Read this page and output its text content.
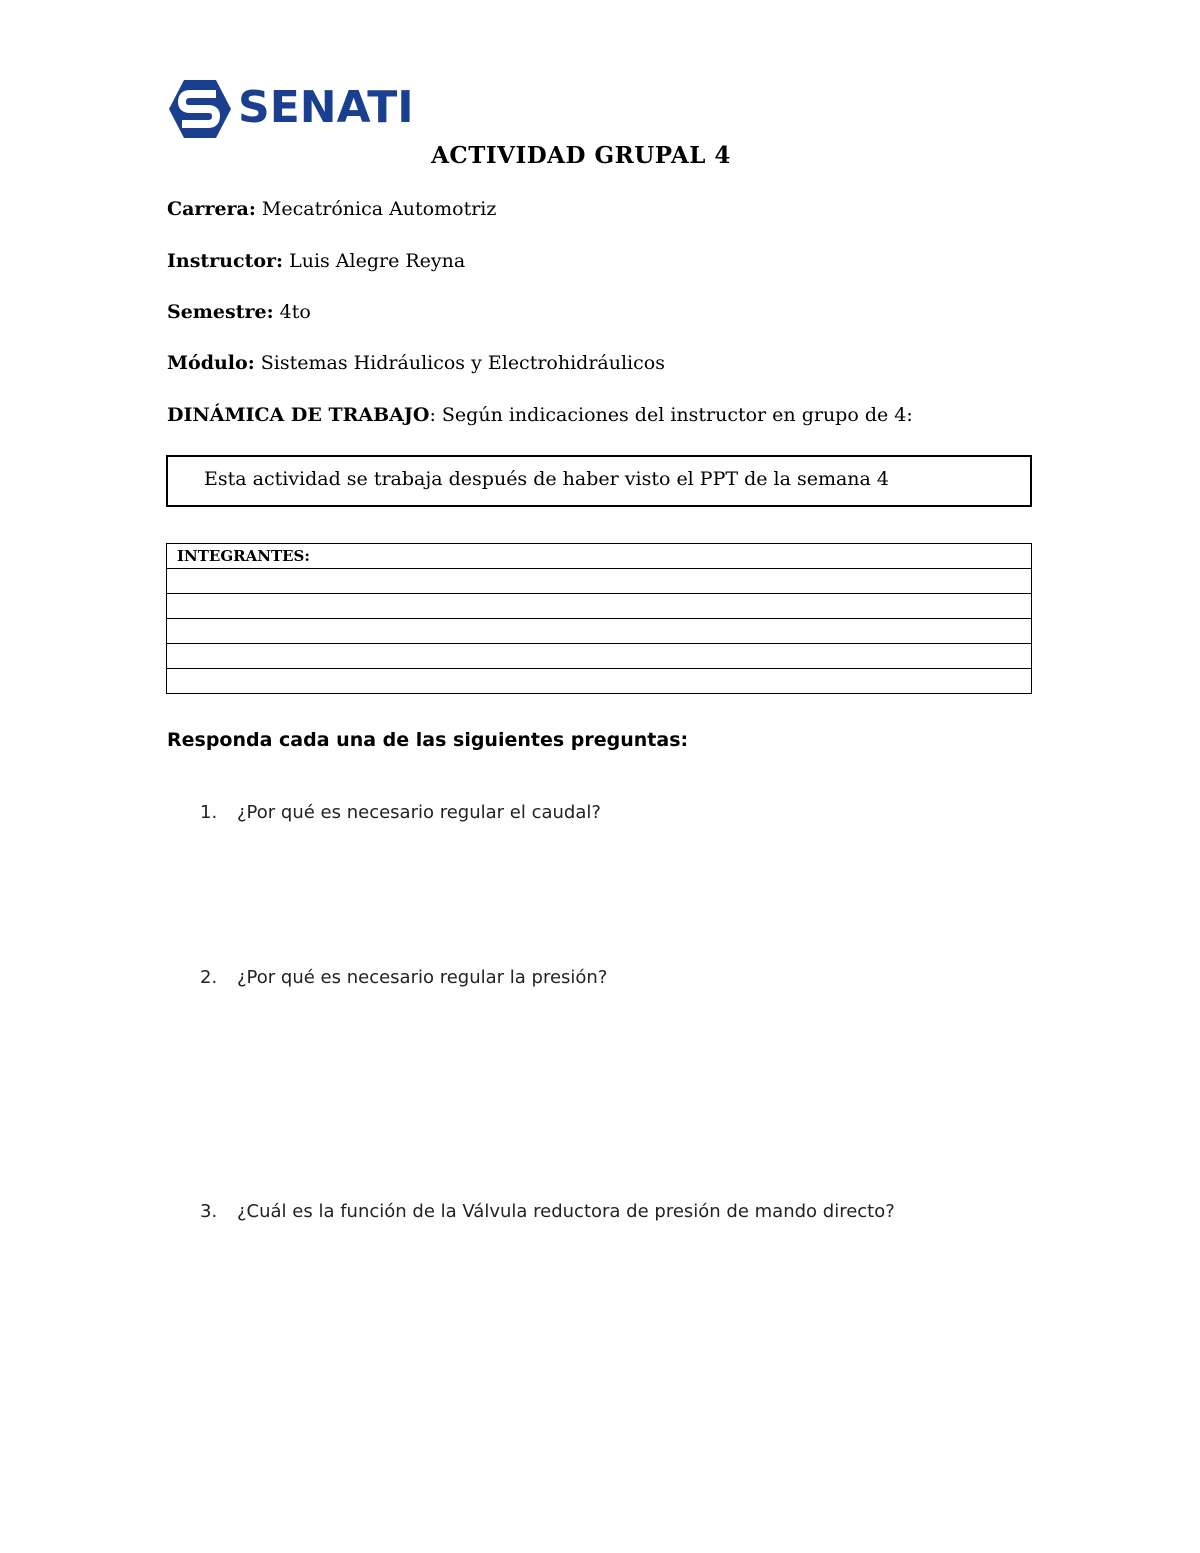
SENATI
ACTIVIDAD GRUPAL 4
Carrera: Mecatrónica Automotriz
Instructor: Luis Alegre Reyna
Semestre: 4to
Módulo: Sistemas Hidráulicos y Electrohidráulicos
DINÁMICA DE TRABAJO: Según indicaciones del instructor en grupo de 4:
Esta actividad se trabaja después de haber visto el PPT de la semana 4
INTEGRANTES:

Responda cada una de las siguientes preguntas:
1. ¿Por qué es necesario regular el caudal?
2. ¿Por qué es necesario regular la presión?
3. ¿Cuál es la función de la Válvula reductora de presión de mando directo?
